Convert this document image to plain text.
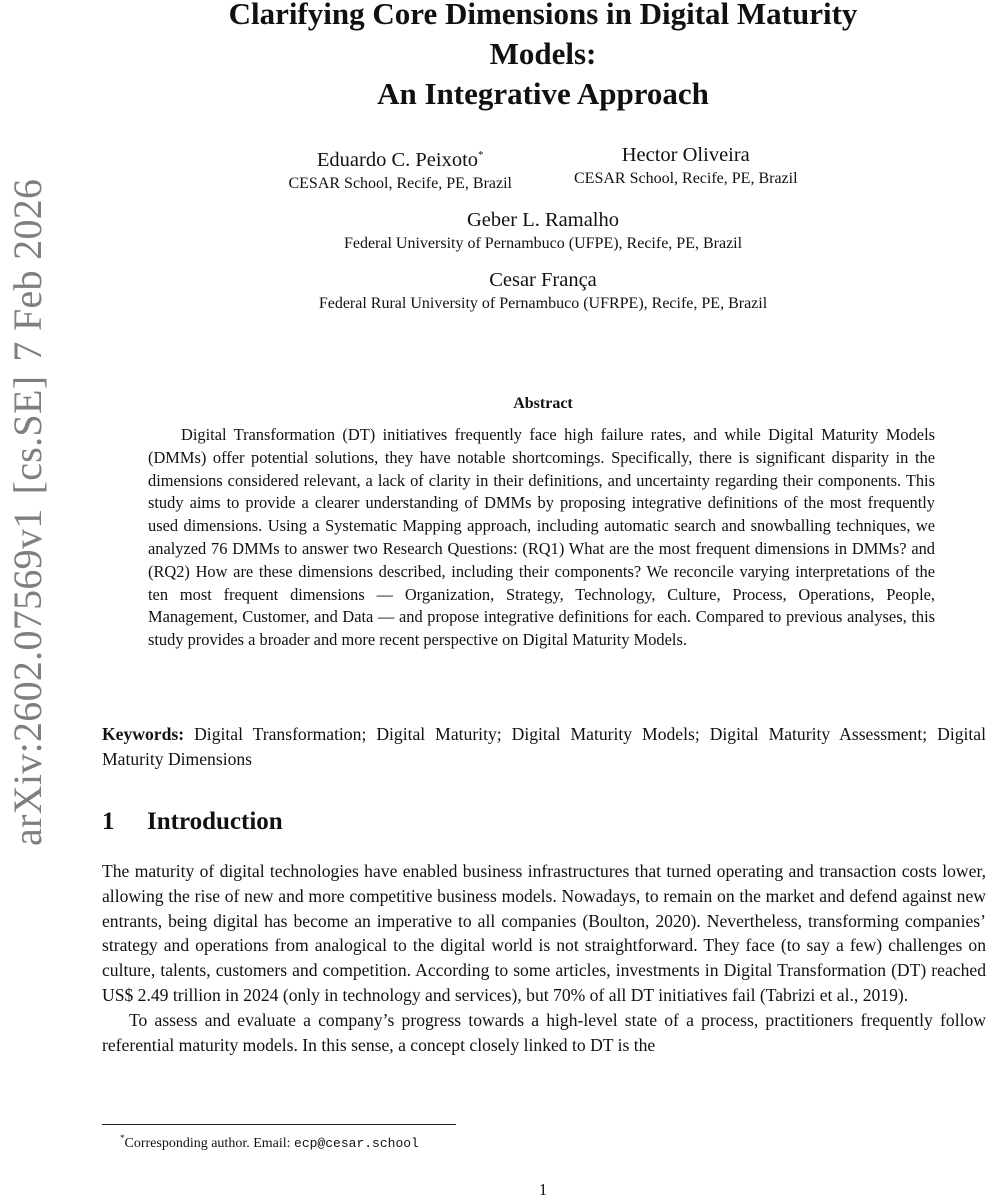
arXiv:2602.07569v1[cs.SE]7 Feb 2026
Clarifying Core Dimensions in Digital Maturity
Models:
An Integrative Approach
Eduardo C. Peixoto*
CESAR School, Recife, PE, Brazil
Hector Oliveira
CESAR School, Recife, PE, Brazil
Geber L. Ramalho
Federal University of Pernambuco (UFPE), Recife, PE, Brazil
Cesar França
Federal Rural University of Pernambuco (UFRPE), Recife, PE, Brazil
Abstract
Digital Transformation (DT) initiatives frequently face high failure rates, and while Digital Maturity Models (DMMs) offer potential solutions, they have notable shortcomings. Specifically, there is significant disparity in the dimensions considered relevant, a lack of clarity in their definitions, and uncertainty regarding their components. This study aims to provide a clearer understanding of DMMs by proposing integrative definitions of the most frequently used dimensions. Using a Systematic Mapping approach, including automatic search and snowballing techniques, we analyzed 76 DMMs to answer two Research Questions: (RQ1) What are the most frequent dimensions in DMMs? and (RQ2) How are these dimensions described, including their components? We reconcile varying interpretations of the ten most frequent dimensions — Organization, Strategy, Technology, Culture, Process, Operations, People, Management, Customer, and Data — and propose integrative definitions for each. Compared to previous analyses, this study provides a broader and more recent perspective on Digital Maturity Models.
Keywords: Digital Transformation; Digital Maturity; Digital Maturity Models; Digital Maturity Assessment; Digital Maturity Dimensions
1 Introduction

The maturity of digital technologies have enabled business infrastructures that turned operating and transaction costs lower, allowing the rise of new and more competitive business models. Nowadays, to remain on the market and defend against new entrants, being digital has become an imperative to all companies (Boulton, 2020). Nevertheless, transforming companies’ strategy and operations from analogical to the digital world is not straightforward. They face (to say a few) challenges on culture, talents, customers and competition. According to some articles, investments in Digital Transformation (DT) reached US$ 2.49 trillion in 2024 (only in technology and services), but 70% of all DT initiatives fail (Tabrizi et al., 2019).

To assess and evaluate a company’s progress towards a high-level state of a process, practitioners frequently follow referential maturity models. In this sense, a concept closely linked to DT is the

*Corresponding author. Email: ecp@cesar.school
1
